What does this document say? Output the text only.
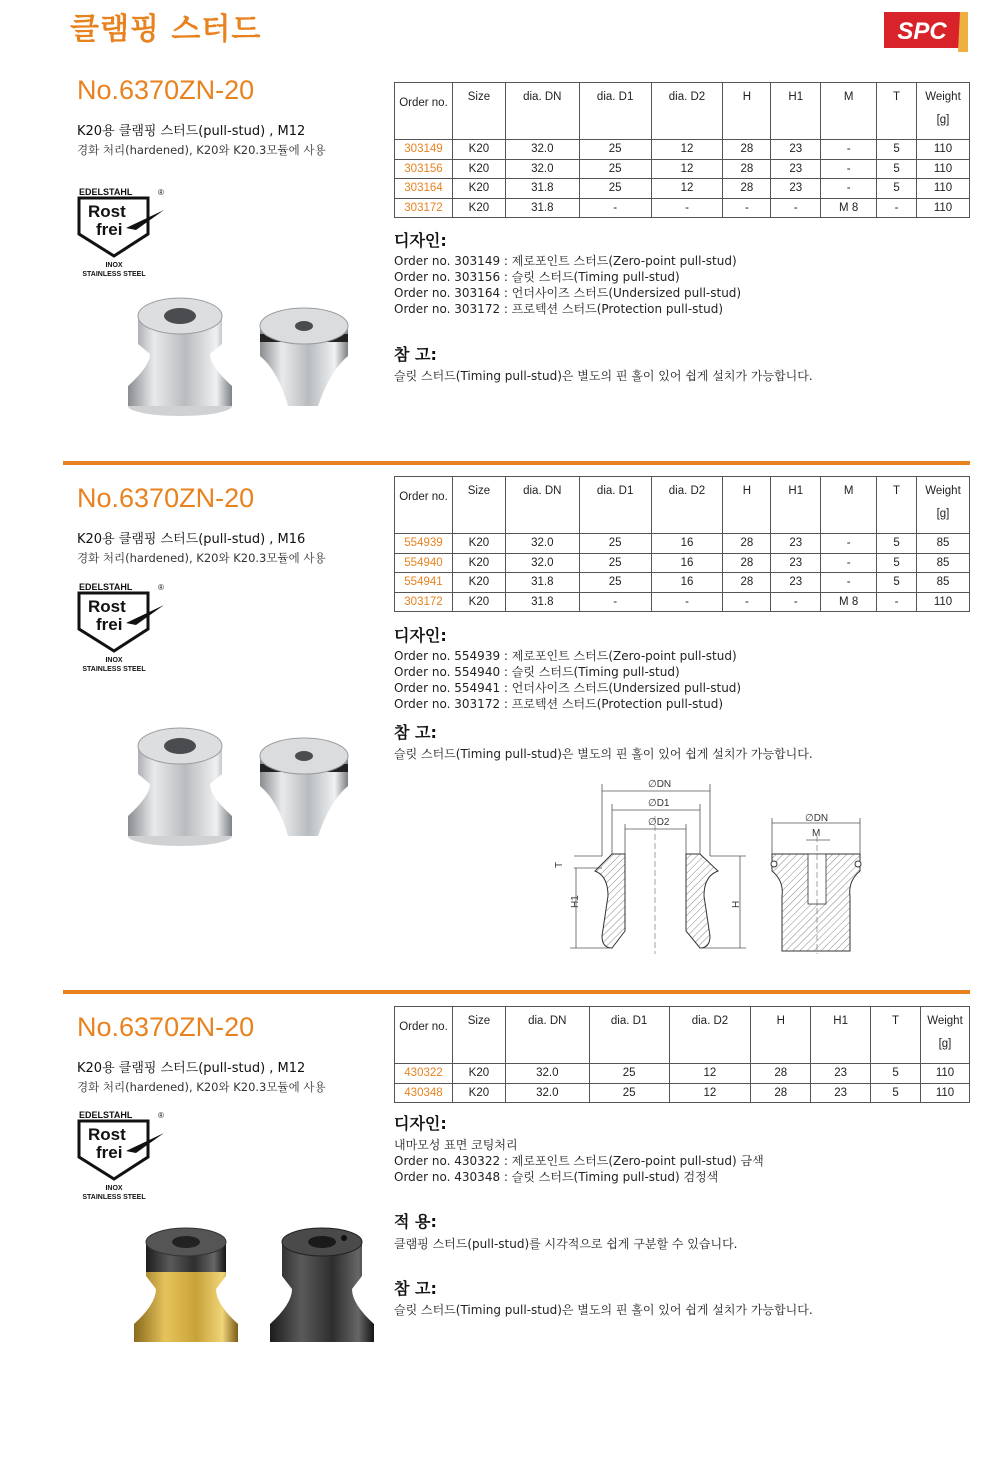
클램핑 스터드	SPC
No.6370ZN-20
K20용 클램핑 스터드(pull-stud) , M12
경화 처리(hardened), K20와 K20.3모듈에 사용
EDELSTAHL	®
Rost
frei
INOX
STAINLESS STEEL
Order no.	Size	dia. DN	dia. D1	dia. D2	H	H1	M	T	Weight
[g]

303149	K20	32.0	25	12	28	23	-	5	110
303156	K20	32.0	25	12	28	23	-	5	110
303164	K20	31.8	25	12	28	23	-	5	110
303172	K20	31.8	-	-	-	-	M 8	-	110
디자인:
Order no. 303149 : 제로포인트 스터드(Zero-point pull-stud)
Order no. 303156 : 슬릿 스터드(Timing pull-stud)
Order no. 303164 : 언더사이즈 스터드(Undersized pull-stud)
Order no. 303172 : 프로텍션 스터드(Protection pull-stud)
참 고:
슬릿 스터드(Timing pull-stud)은 별도의 핀 홀이 있어 쉽게 설치가 가능합니다.
No.6370ZN-20
K20용 클램핑 스터드(pull-stud) , M16
경화 처리(hardened), K20와 K20.3모듈에 사용
EDELSTAHL	®
Rost
frei
INOX
STAINLESS STEEL
Order no.	Size	dia. DN	dia. D1	dia. D2	H	H1	M	T	Weight
[g]

554939	K20	32.0	25	16	28	23	-	5	85
554940	K20	32.0	25	16	28	23	-	5	85
554941	K20	31.8	25	16	28	23	-	5	85
303172	K20	31.8	-	-	-	-	M 8	-	110
디자인:
Order no. 554939 : 제로포인트 스터드(Zero-point pull-stud)
Order no. 554940 : 슬릿 스터드(Timing pull-stud)
Order no. 554941 : 언더사이즈 스터드(Undersized pull-stud)
Order no. 303172 : 프로텍션 스터드(Protection pull-stud)
참 고:
슬릿 스터드(Timing pull-stud)은 별도의 핀 홀이 있어 쉽게 설치가 가능합니다.
∅DN
∅D1
∅D2
T
H1	H
∅DN
M
No.6370ZN-20
K20용 클램핑 스터드(pull-stud) , M12
경화 처리(hardened), K20와 K20.3모듈에 사용
EDELSTAHL	®
Rost
frei
INOX
STAINLESS STEEL
Order no.	Size	dia. DN	dia. D1	dia. D2	H	H1	T	Weight
[g]

430322	K20	32.0	25	12	28	23	5	110
430348	K20	32.0	25	12	28	23	5	110
디자인:
내마모성 표면 코팅처리
Order no. 430322 : 제로포인트 스터드(Zero-point pull-stud) 금색
Order no. 430348 : 슬릿 스터드(Timing pull-stud) 검정색
적 용:
클램핑 스터드(pull-stud)를 시각적으로 쉽게 구분할 수 있습니다.
참 고:
슬릿 스터드(Timing pull-stud)은 별도의 핀 홀이 있어 쉽게 설치가 가능합니다.
